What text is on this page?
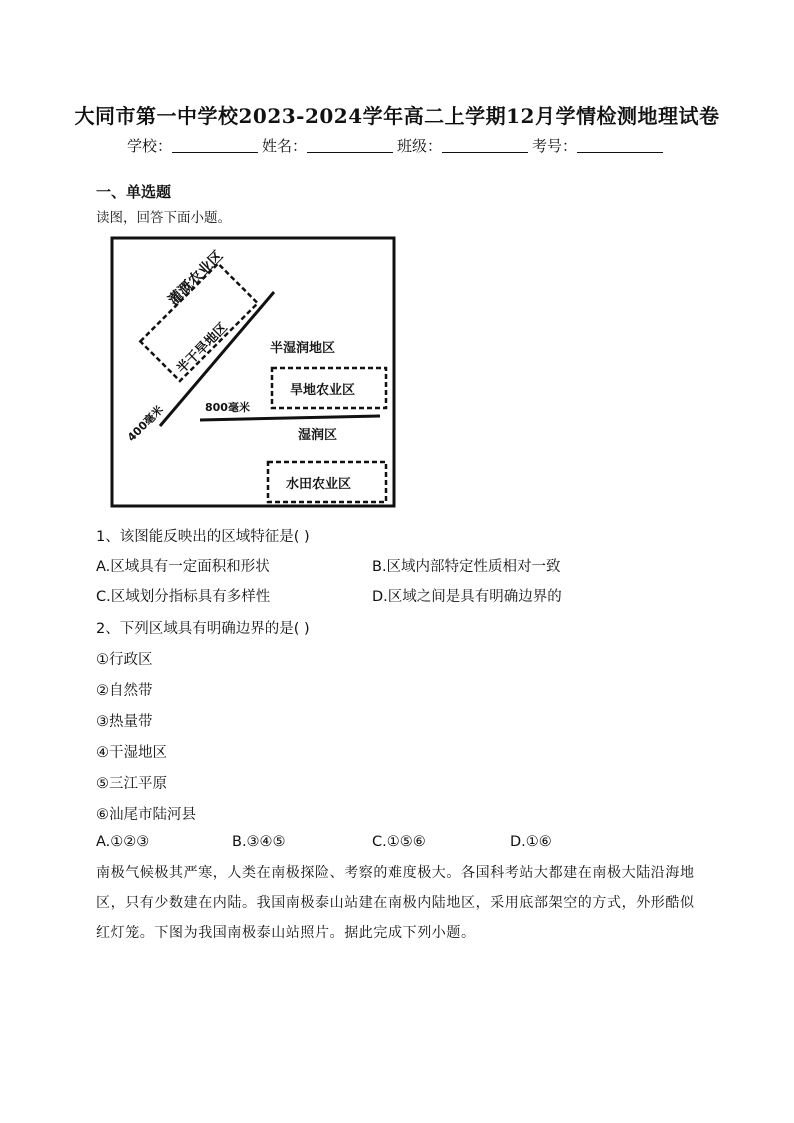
大同市第一中学校2023-2024学年高二上学期12月学情检测地理试卷
学校：	姓名：	班级：	考号：
一、单选题
读图，回答下面小题。
灌溉农业区
半干旱地区	半湿润地区
旱地农业区
800毫米
400毫米	湿润区
水田农业区
1、该图能反映出的区域特征是( )
A.区域具有一定面积和形状	B.区域内部特定性质相对一致
C.区域划分指标具有多样性	D.区域之间是具有明确边界的
2、下列区域具有明确边界的是( )
①行政区
②自然带
③热量带
④干湿地区
⑤三江平原
⑥汕尾市陆河县
A.①②③	B.③④⑤	C.①⑤⑥	D.①⑥
南极气候极其严寒，人类在南极探险、考察的难度极大。各国科考站大都建在南极大陆沿海地区，只有少数建在内陆。我国南极泰山站建在南极内陆地区，采用底部架空的方式，外形酷似红灯笼。下图为我国南极泰山站照片。据此完成下列小题。
